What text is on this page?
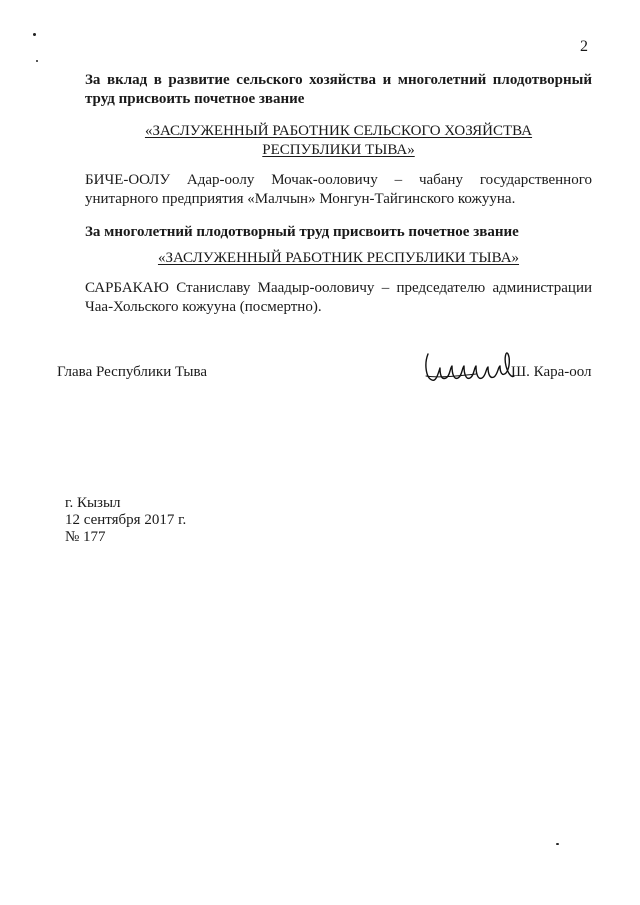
2
За вклад в развитие сельского хозяйства и многолетний плодотворный
труд присвоить почетное звание
«ЗАСЛУЖЕННЫЙ РАБОТНИК СЕЛЬСКОГО ХОЗЯЙСТВА
РЕСПУБЛИКИ ТЫВА»
БИЧЕ-ООЛУ Адар-оолу Мочак-ооловичу – чабану государственного
унитарного предприятия «Малчын» Монгун-Тайгинского кожууна.
За многолетний плодотворный труд присвоить почетное звание
«ЗАСЛУЖЕННЫЙ РАБОТНИК РЕСПУБЛИКИ ТЫВА»
САРБАКАЮ Станиславу Маадыр-ооловичу – председателю администрации
Чаа-Хольского кожууна (посмертно).
Глава Республики Тыва	Ш. Кара-оол
г. Кызыл
12 сентября 2017 г.
№ 177
